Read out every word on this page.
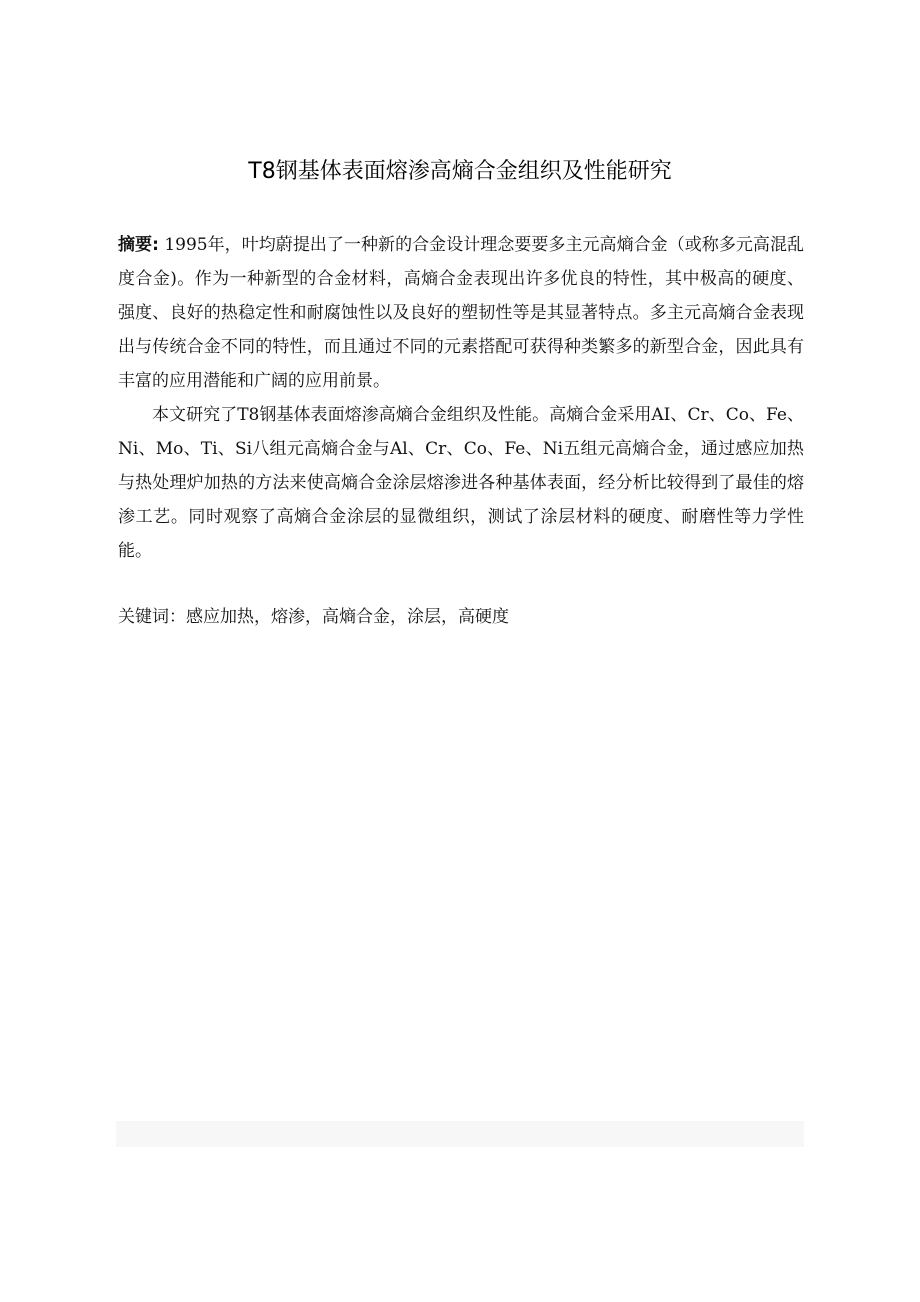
T8钢基体表面熔渗高熵合金组织及性能研究

摘要: 1995年，叶均蔚提出了一种新的合金设计理念要要多主元高熵合金（或称多元高混乱度合金)。作为一种新型的合金材料，高熵合金表现出许多优良的特性，其中极高的硬度、强度、良好的热稳定性和耐腐蚀性以及良好的塑韧性等是其显著特点。多主元高熵合金表现出与传统合金不同的特性，而且通过不同的元素搭配可获得种类繁多的新型合金，因此具有丰富的应用潜能和广阔的应用前景。

本文研究了T8钢基体表面熔渗高熵合金组织及性能。高熵合金采用AI、Cr、Co、Fe、Ni、Mo、Ti、Si八组元高熵合金与Al、Cr、Co、Fe、Ni五组元高熵合金，通过感应加热与热处理炉加热的方法来使高熵合金涂层熔渗进各种基体表面，经分析比较得到了最佳的熔渗工艺。同时观察了高熵合金涂层的显微组织，测试了涂层材料的硬度、耐磨性等力学性能。

关键词：感应加热，熔渗，高熵合金，涂层，高硬度
